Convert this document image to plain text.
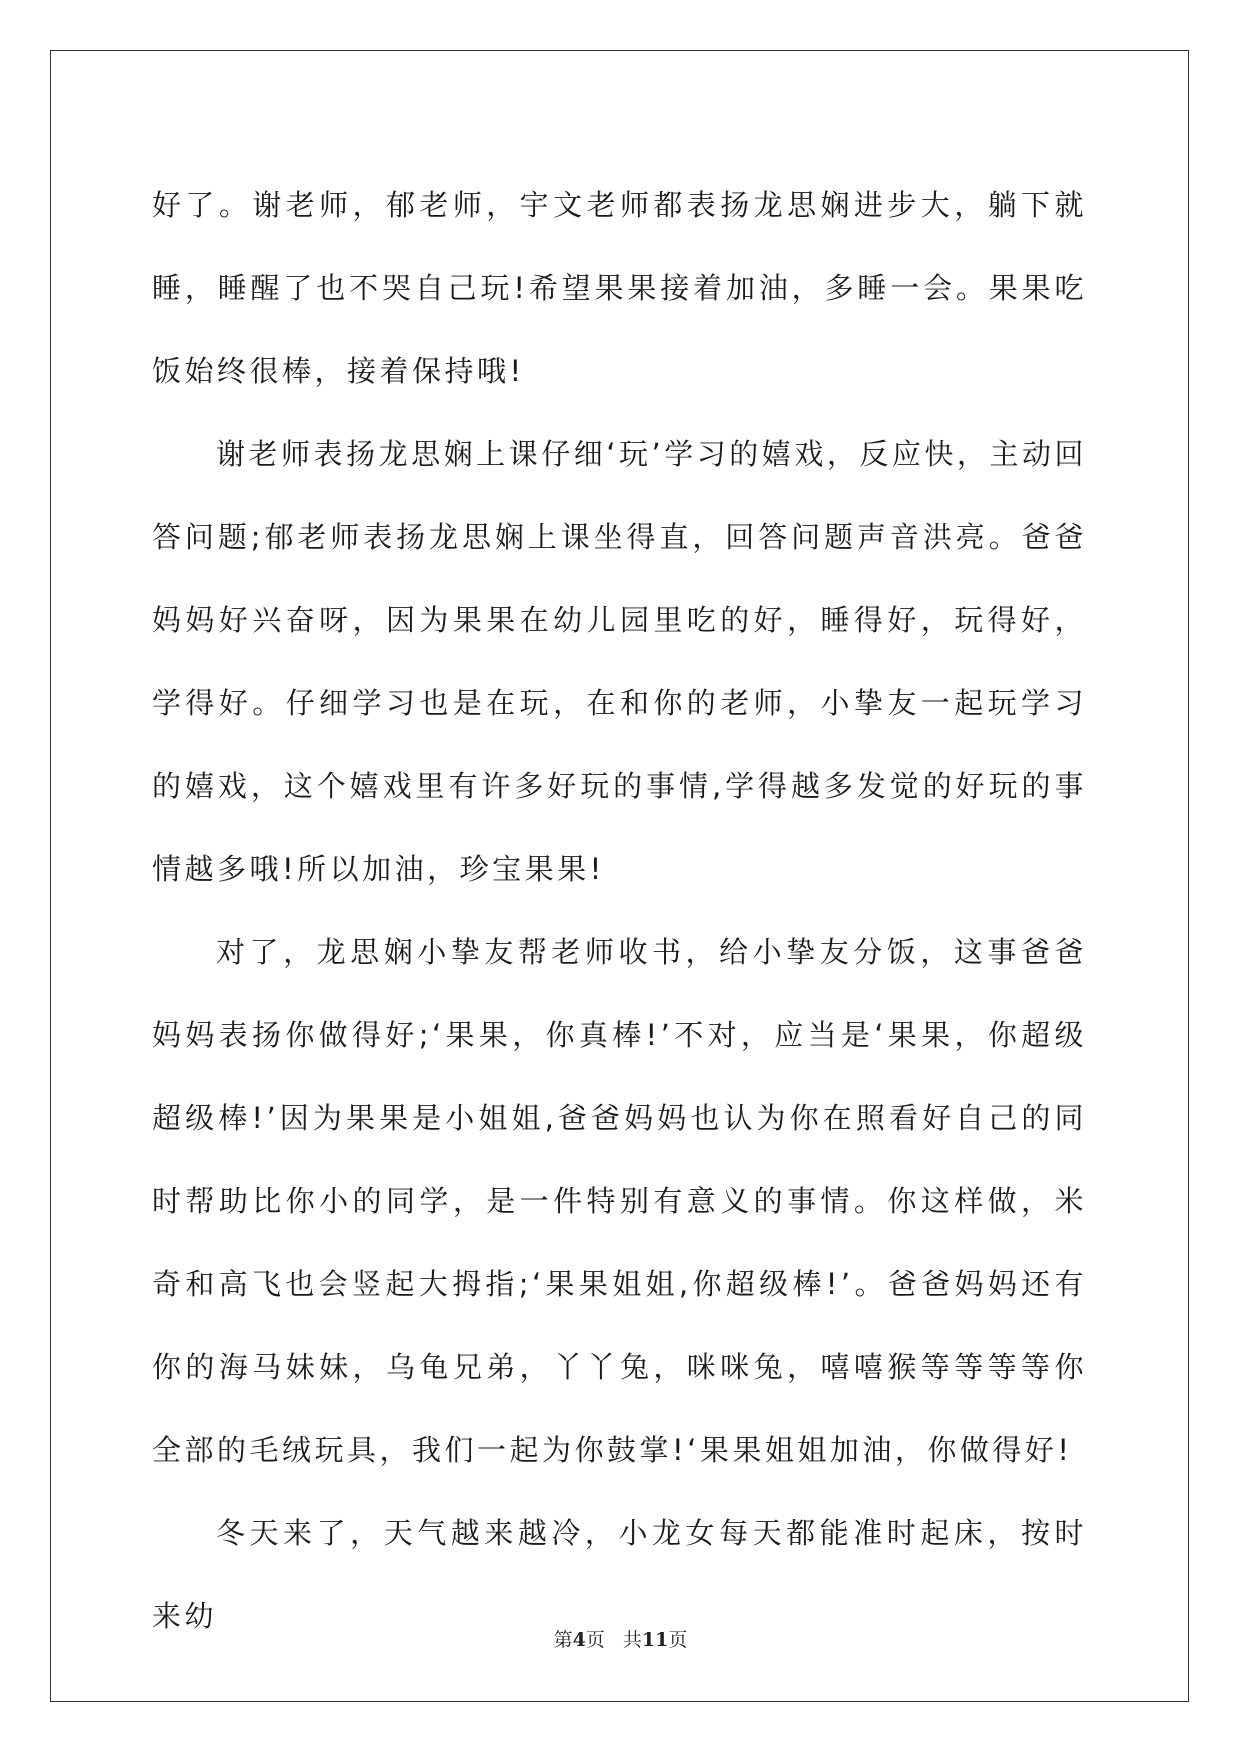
好了。谢老师，郁老师，宇文老师都表扬龙思娴进步大，躺下就睡，睡醒了也不哭自己玩!希望果果接着加油，多睡一会。果果吃饭始终很棒，接着保持哦!

谢老师表扬龙思娴上课仔细‘玩’学习的嬉戏，反应快，主动回答问题;郁老师表扬龙思娴上课坐得直，回答问题声音洪亮。爸爸妈妈好兴奋呀，因为果果在幼儿园里吃的好，睡得好，玩得好，学得好。仔细学习也是在玩，在和你的老师，小挚友一起玩学习的嬉戏，这个嬉戏里有许多好玩的事情,学得越多发觉的好玩的事情越多哦!所以加油，珍宝果果!

对了，龙思娴小挚友帮老师收书，给小挚友分饭，这事爸爸妈妈表扬你做得好;‘果果，你真棒!’不对，应当是‘果果，你超级超级棒!’因为果果是小姐姐,爸爸妈妈也认为你在照看好自己的同时帮助比你小的同学，是一件特别有意义的事情。你这样做，米奇和高飞也会竖起大拇指;‘果果姐姐,你超级棒!’。爸爸妈妈还有你的海马妹妹，乌龟兄弟，丫丫兔，咪咪兔，嘻嘻猴等等等等你全部的毛绒玩具，我们一起为你鼓掌!‘果果姐姐加油，你做得好!

冬天来了，天气越来越冷，小龙女每天都能准时起床，按时来幼

第4页 共11页
